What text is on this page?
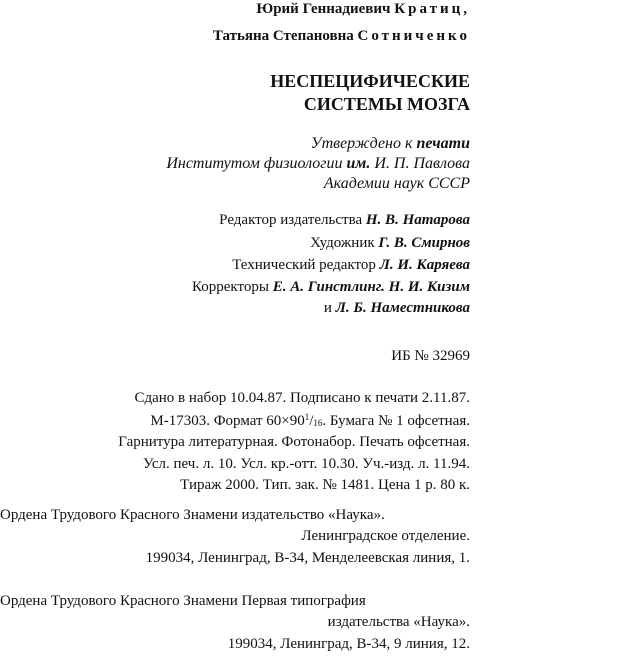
Юрий Геннадиевич Кратиц,
Татьяна Степановна Сотниченко
НЕСПЕЦИФИЧЕСКИЕ
СИСТЕМЫ МОЗГА
Утверждено к печати
Институтом физиологии им. И. П. Павлова
Академии наук СССР
Редактор издательства Н. В. Натарова
Художник Г. В. Смирнов
Технический редактор Л. И. Каряева
Корректоры Е. А. Гинстлинг. Н. И. Кизим
и Л. Б. Наместникова
ИБ № 32969
Сдано в набор 10.04.87. Подписано к печати 2.11.87.
М-17303. Формат $60\times 90^1/_{16}$. Бумага № 1 офсетная.
Гарнитура литературная. Фотонабор. Печать офсетная.
Усл. печ. л. 10. Усл. кр.-отт. 10.30. Уч.-изд. л. 11.94.
Тираж 2000. Тип. зак. № 1481. Цена 1 р. 80 к.
Ордена Трудового Красного Знамени издательство «Наука».
Ленинградское отделение.
199034, Ленинград, В-34, Менделеевская линия, 1.
Ордена Трудового Красного Знамени Первая типография
издательства «Наука».
199034, Ленинград, В-34, 9 линия, 12.
